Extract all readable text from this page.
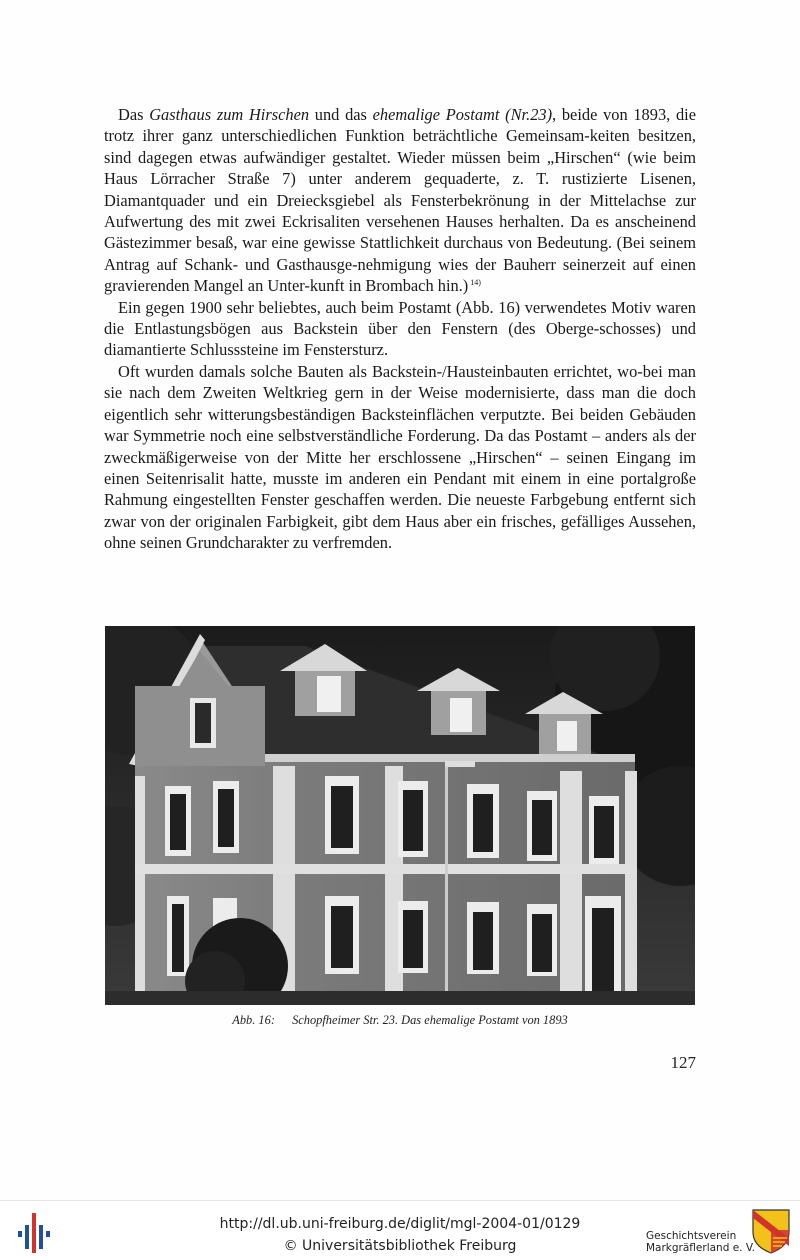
Das Gasthaus zum Hirschen und das ehemalige Postamt (Nr.23), beide von 1893, die trotz ihrer ganz unterschiedlichen Funktion beträchtliche Gemeinsam-keiten besitzen, sind dagegen etwas aufwändiger gestaltet. Wieder müssen beim „Hirschen“ (wie beim Haus Lörracher Straße 7) unter anderem gequaderte, z. T. rustizierte Lisenen, Diamantquader und ein Dreiecksgiebel als Fensterbekrönung in der Mittelachse zur Aufwertung des mit zwei Eckrisaliten versehenen Hauses herhalten. Da es anscheinend Gästezimmer besaß, war eine gewisse Stattlichkeit durchaus von Bedeutung. (Bei seinem Antrag auf Schank- und Gasthausge-nehmigung wies der Bauherr seinerzeit auf einen gravierenden Mangel an Unter-kunft in Brombach hin.) $^{14)}$

Ein gegen 1900 sehr beliebtes, auch beim Postamt (Abb. 16) verwendetes Motiv waren die Entlastungsbögen aus Backstein über den Fenstern (des Oberge-schosses) und diamantierte Schlusssteine im Fenstersturz.

Oft wurden damals solche Bauten als Backstein-/Hausteinbauten errichtet, wo-bei man sie nach dem Zweiten Weltkrieg gern in der Weise modernisierte, dass man die doch eigentlich sehr witterungsbeständigen Backsteinflächen verputzte. Bei beiden Gebäuden war Symmetrie noch eine selbstverständliche Forderung. Da das Postamt – anders als der zweckmäßigerweise von der Mitte her erschlossene „Hirschen“ – seinen Eingang im einen Seitenrisalit hatte, musste im anderen ein Pendant mit einem in eine portalgroße Rahmung eingestellten Fenster geschaffen werden. Die neueste Farbgebung entfernt sich zwar von der originalen Farbigkeit, gibt dem Haus aber ein frisches, gefälliges Aussehen, ohne seinen Grundcharakter zu verfremden.

Abb. 16: Schopfheimer Str. 23. Das ehemalige Postamt von 1893
127
http://dl.ub.uni-freiburg.de/diglit/mgl-2004-01/0129
© Universitätsbibliothek Freiburg
Geschichtsverein
Markgräflerland e. V.
